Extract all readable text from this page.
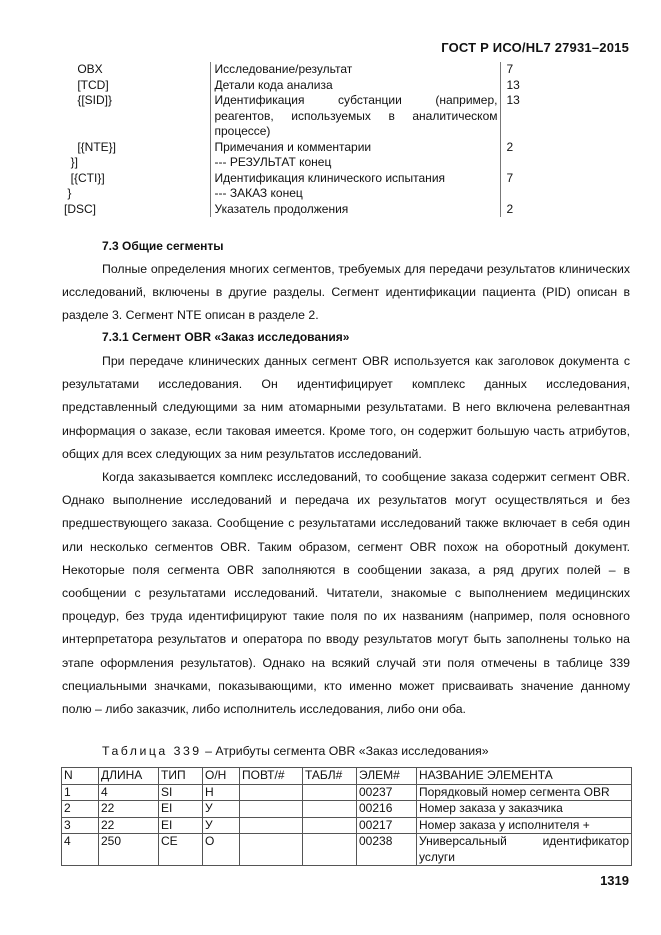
ГОСТ Р ИСО/HL7 27931–2015
OBX	Исследование/результат	7
[TCD]	Детали кода анализа	13
{[SID]}	Идентификация субстанции (например, реагентов, используемых в аналитическом процессе)	13
[{NTE}]	Примечания и комментарии	2
}]	--- РЕЗУЛЬТАТ конец	
[{CTI}]	Идентификация клинического испытания	7
}	--- ЗАКАЗ конец	
[DSC]	Указатель продолжения	2
7.3 Общие сегменты
Полные определения многих сегментов, требуемых для передачи результатов клинических исследований, включены в другие разделы. Сегмент идентификации пациента (PID) описан в разделе 3. Сегмент NTE описан в разделе 2.
7.3.1 Сегмент OBR «Заказ исследования»
При передаче клинических данных сегмент OBR используется как заголовок документа с результатами исследования. Он идентифицирует комплекс данных исследования, представленный следующими за ним атомарными результатами. В него включена релевантная информация о заказе, если таковая имеется. Кроме того, он содержит большую часть атрибутов, общих для всех следующих за ним результатов исследований.
Когда заказывается комплекс исследований, то сообщение заказа содержит сегмент OBR. Однако выполнение исследований и передача их результатов могут осуществляться и без предшествующего заказа. Сообщение с результатами исследований также включает в себя один или несколько сегментов OBR. Таким образом, сегмент OBR похож на оборотный документ. Некоторые поля сегмента OBR заполняются в сообщении заказа, а ряд других полей – в сообщении с результатами исследований. Читатели, знакомые с выполнением медицинских процедур, без труда идентифицируют такие поля по их названиям (например, поля основного интерпретатора результатов и оператора по вводу результатов могут быть заполнены только на этапе оформления результатов). Однако на всякий случай эти поля отмечены в таблице 339 специальными значками, показывающими, кто именно может присваивать значение данному полю – либо заказчик, либо исполнитель исследования, либо они оба.
Таблица 339 – Атрибуты сегмента OBR «Заказ исследования»
N	ДЛИНА	ТИП	О/Н	ПОВТ/#	ТАБЛ#	ЭЛЕМ#	НАЗВАНИЕ ЭЛЕМЕНТА
1	4	SI	Н			00237	Порядковый номер сегмента OBR
2	22	EI	У			00216	Номер заказа у заказчика
3	22	EI	У			00217	Номер заказа у исполнителя +
4	250	CE	О			00238	Универсальный идентификатор услуги
1319
